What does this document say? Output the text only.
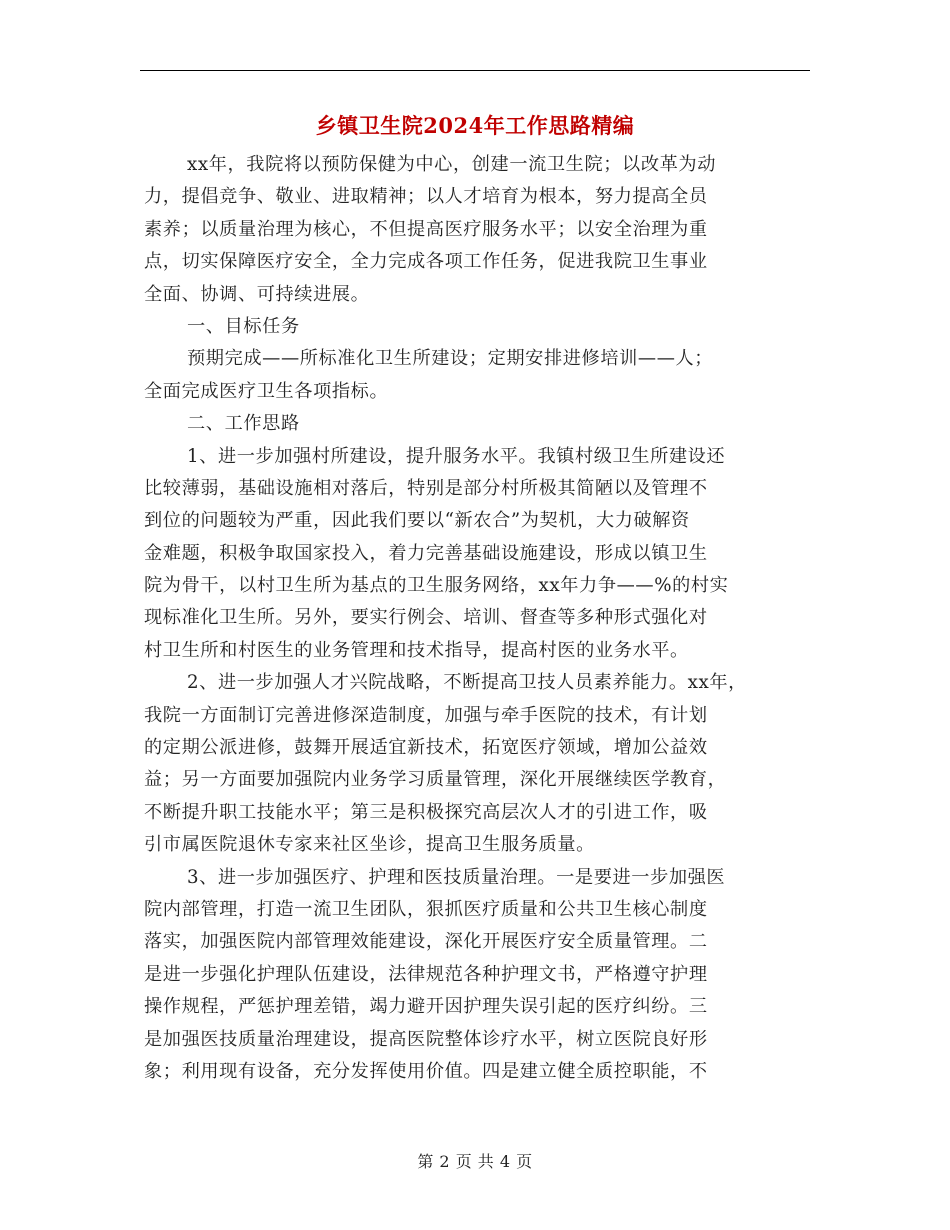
乡镇卫生院2024年工作思路精编
xx年，我院将以预防保健为中心，创建一流卫生院；以改革为动
力，提倡竞争、敬业、进取精神；以人才培育为根本，努力提高全员
素养；以质量治理为核心，不但提高医疗服务水平；以安全治理为重
点，切实保障医疗安全，全力完成各项工作任务，促进我院卫生事业
全面、协调、可持续进展。
一、目标任务
预期完成——所标准化卫生所建设；定期安排进修培训——人；
全面完成医疗卫生各项指标。
二、工作思路
1、进一步加强村所建设，提升服务水平。我镇村级卫生所建设还
比较薄弱，基础设施相对落后，特别是部分村所极其简陋以及管理不
到位的问题较为严重，因此我们要以“新农合”为契机，大力破解资
金难题，积极争取国家投入，着力完善基础设施建设，形成以镇卫生
院为骨干，以村卫生所为基点的卫生服务网络，xx年力争——%的村实
现标准化卫生所。另外，要实行例会、培训、督查等多种形式强化对
村卫生所和村医生的业务管理和技术指导，提高村医的业务水平。
2、进一步加强人才兴院战略，不断提高卫技人员素养能力。xx年，
我院一方面制订完善进修深造制度，加强与牵手医院的技术，有计划
的定期公派进修，鼓舞开展适宜新技术，拓宽医疗领域，增加公益效
益；另一方面要加强院内业务学习质量管理，深化开展继续医学教育，
不断提升职工技能水平；第三是积极探究高层次人才的引进工作，吸
引市属医院退休专家来社区坐诊，提高卫生服务质量。
3、进一步加强医疗、护理和医技质量治理。一是要进一步加强医
院内部管理，打造一流卫生团队，狠抓医疗质量和公共卫生核心制度
落实，加强医院内部管理效能建设，深化开展医疗安全质量管理。二
是进一步强化护理队伍建设，法律规范各种护理文书，严格遵守护理
操作规程，严惩护理差错，竭力避开因护理失误引起的医疗纠纷。三
是加强医技质量治理建设，提高医院整体诊疗水平，树立医院良好形
象；利用现有设备，充分发挥使用价值。四是建立健全质控职能，不
第 2 页 共 4 页
